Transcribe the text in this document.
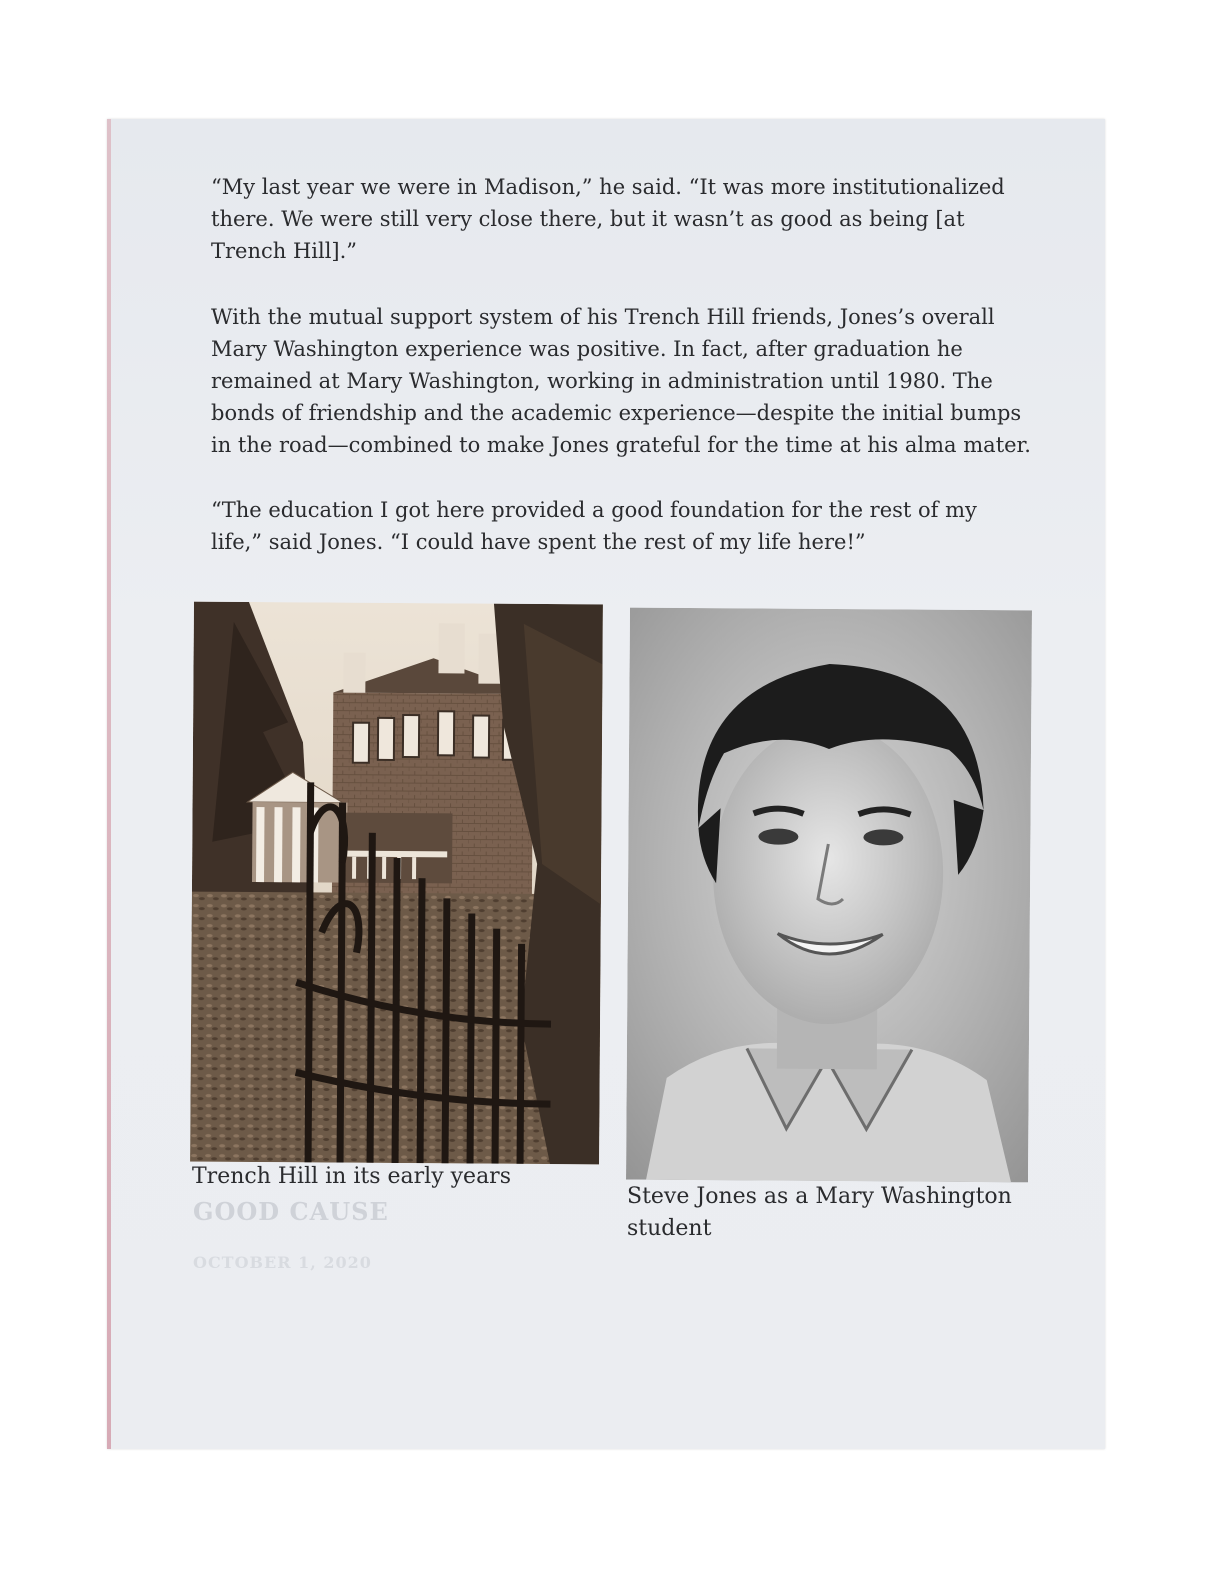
“My last year we were in Madison,” he said. “It was more institutionalized there. We were still very close there, but it wasn’t as good as being [at Trench Hill].”

With the mutual support system of his Trench Hill friends, Jones’s overall Mary Washington experience was positive. In fact, after graduation he remained at Mary Washington, working in administration until 1980. The bonds of friendship and the academic experience—despite the initial bumps in the road—combined to make Jones grateful for the time at his alma mater.

“The education I got here provided a good foundation for the rest of my life,” said Jones. “I could have spent the rest of my life here!”

Trench Hill in its early years

Steve Jones as a Mary Washington student

GOOD CAUSE
OCTOBER 1, 2020
